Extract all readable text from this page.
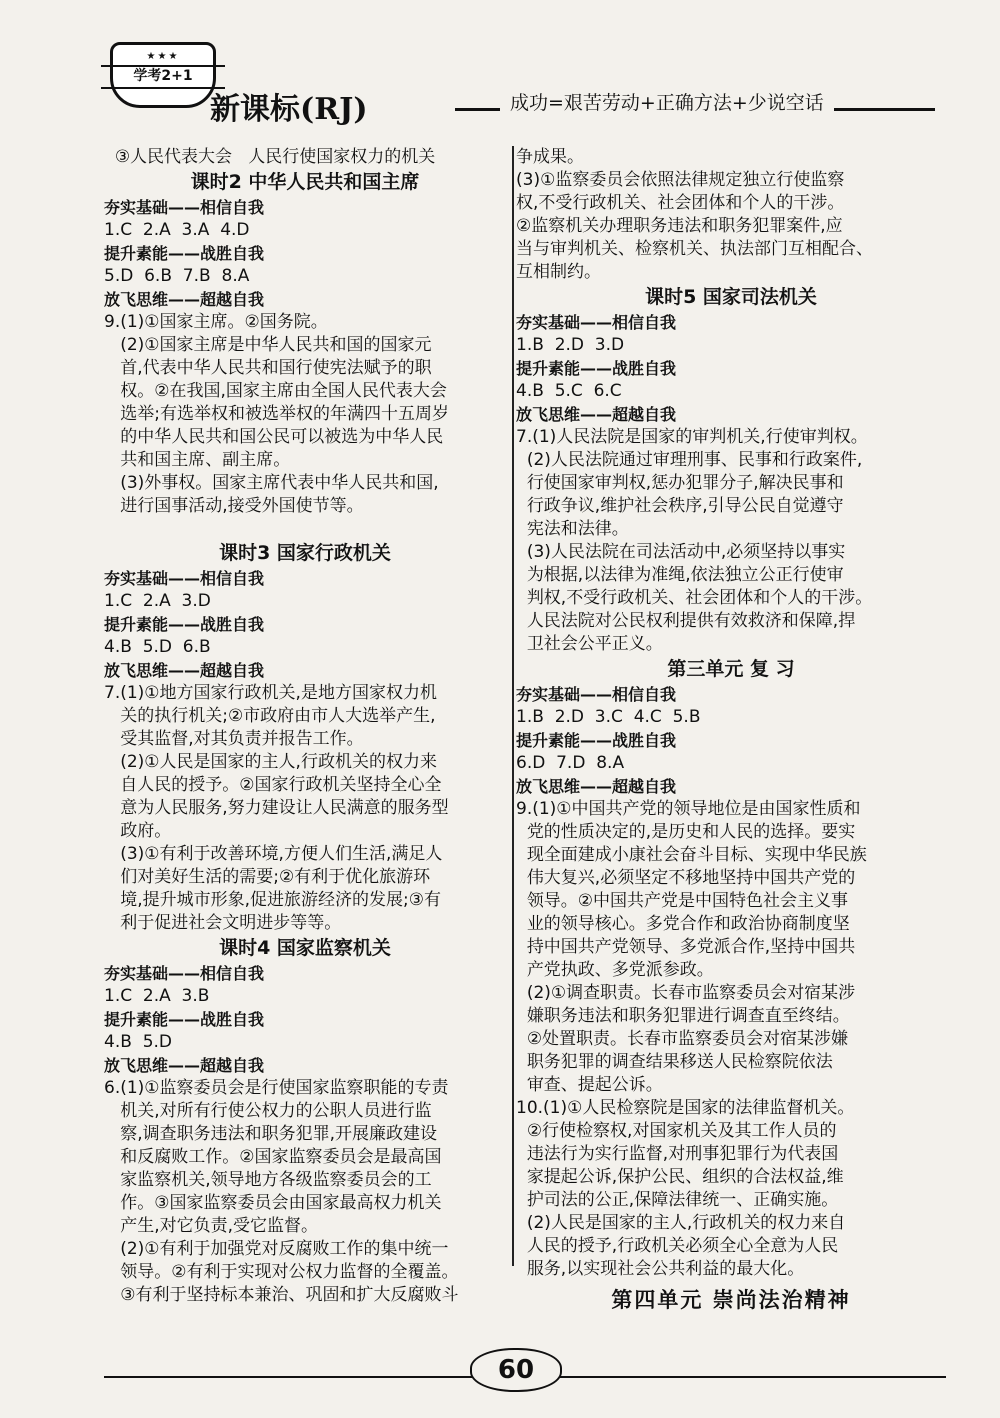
★★★
学考2+1
新课标(RJ)	成功=艰苦劳动+正确方法+少说空话
③人民代表大会   人民行使国家权力的机关
课时2 中华人民共和国主席
夯实基础——相信自我
1.C  2.A  3.A  4.D
提升素能——战胜自我
5.D  6.B  7.B  8.A
放飞思维——超越自我
9.(1)①国家主席。②国务院。
(2)①国家主席是中华人民共和国的国家元
首,代表中华人民共和国行使宪法赋予的职
权。②在我国,国家主席由全国人民代表大会
选举;有选举权和被选举权的年满四十五周岁
的中华人民共和国公民可以被选为中华人民
共和国主席、副主席。
(3)外事权。国家主席代表中华人民共和国,
进行国事活动,接受外国使节等。
课时3 国家行政机关
夯实基础——相信自我
1.C  2.A  3.D
提升素能——战胜自我
4.B  5.D  6.B
放飞思维——超越自我
7.(1)①地方国家行政机关,是地方国家权力机
关的执行机关;②市政府由市人大选举产生,
受其监督,对其负责并报告工作。
(2)①人民是国家的主人,行政机关的权力来
自人民的授予。②国家行政机关坚持全心全
意为人民服务,努力建设让人民满意的服务型
政府。
(3)①有利于改善环境,方便人们生活,满足人
们对美好生活的需要;②有利于优化旅游环
境,提升城市形象,促进旅游经济的发展;③有
利于促进社会文明进步等等。
课时4 国家监察机关
夯实基础——相信自我
1.C  2.A  3.B
提升素能——战胜自我
4.B  5.D
放飞思维——超越自我
6.(1)①监察委员会是行使国家监察职能的专责
机关,对所有行使公权力的公职人员进行监
察,调查职务违法和职务犯罪,开展廉政建设
和反腐败工作。②国家监察委员会是最高国
家监察机关,领导地方各级监察委员会的工
作。③国家监察委员会由国家最高权力机关
产生,对它负责,受它监督。
(2)①有利于加强党对反腐败工作的集中统一
领导。②有利于实现对公权力监督的全覆盖。
③有利于坚持标本兼治、巩固和扩大反腐败斗
争成果。
(3)①监察委员会依照法律规定独立行使监察
权,不受行政机关、社会团体和个人的干涉。
②监察机关办理职务违法和职务犯罪案件,应
当与审判机关、检察机关、执法部门互相配合、
互相制约。
课时5 国家司法机关
夯实基础——相信自我
1.B  2.D  3.D
提升素能——战胜自我
4.B  5.C  6.C
放飞思维——超越自我
7.(1)人民法院是国家的审判机关,行使审判权。
(2)人民法院通过审理刑事、民事和行政案件,
行使国家审判权,惩办犯罪分子,解决民事和
行政争议,维护社会秩序,引导公民自觉遵守
宪法和法律。
(3)人民法院在司法活动中,必须坚持以事实
为根据,以法律为准绳,依法独立公正行使审
判权,不受行政机关、社会团体和个人的干涉。
人民法院对公民权利提供有效救济和保障,捍
卫社会公平正义。
第三单元 复 习
夯实基础——相信自我
1.B  2.D  3.C  4.C  5.B
提升素能——战胜自我
6.D  7.D  8.A
放飞思维——超越自我
9.(1)①中国共产党的领导地位是由国家性质和
党的性质决定的,是历史和人民的选择。要实
现全面建成小康社会奋斗目标、实现中华民族
伟大复兴,必须坚定不移地坚持中国共产党的
领导。②中国共产党是中国特色社会主义事
业的领导核心。多党合作和政治协商制度坚
持中国共产党领导、多党派合作,坚持中国共
产党执政、多党派参政。
(2)①调查职责。长春市监察委员会对宿某涉
嫌职务违法和职务犯罪进行调查直至终结。
②处置职责。长春市监察委员会对宿某涉嫌
职务犯罪的调查结果移送人民检察院依法
审查、提起公诉。
10.(1)①人民检察院是国家的法律监督机关。
②行使检察权,对国家机关及其工作人员的
违法行为实行监督,对刑事犯罪行为代表国
家提起公诉,保护公民、组织的合法权益,维
护司法的公正,保障法律统一、正确实施。
(2)人民是国家的主人,行政机关的权力来自
人民的授予,行政机关必须全心全意为人民
服务,以实现社会公共利益的最大化。
第四单元 崇尚法治精神
60
